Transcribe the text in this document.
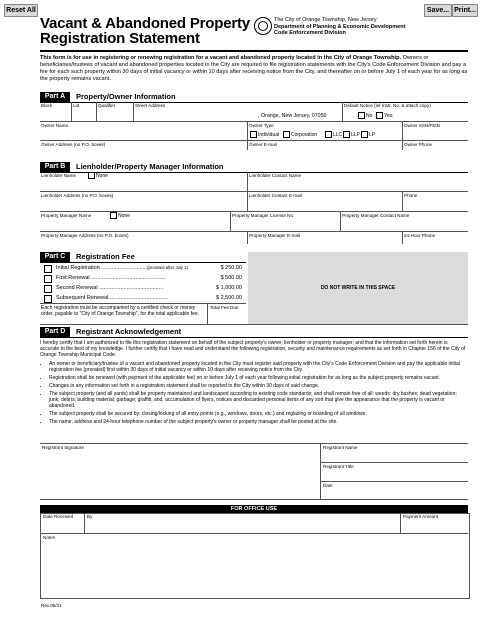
Reset All	Save... Print...
Vacant & Abandoned Property
Registration Statement
The City of Orange Township, New Jersey
Department of Planning & Economic Development
Code Enforcement Division
This form is for use in registering or renewing registration for a vacant and abandoned property located in the City of Orange Township. Owners or beneficiaries/trustees of vacant and abandoned properties located in the City are required to file registration statements with the City's Code Enforcement Division and pay a fee for each such property within 30 days of initial vacancy or within 10 days after receiving notice from the City, and thereafter on or before July 1 of each year for as long as the property remains vacant.
Part A	Property/Owner Information
Block	Lot	Qualifier	Street Address	Default Notice (lef Instr. No. & attach copy)
, Orange, New Jersey, 07050	No	Yes:
Owner Name	Owner Type	Owner SSN/FEIN
Individual	Corporation	LLC	LLP	LP
Owner Address (no P.O. boxes)	Owner E-mail	Owner Phone
Part B	Lienholder/Property Manager Information
Lienholder Name	None	Lienholder Contact Name
Lienholder Address (no P.O. boxes)	Lienholder Contact E-mail	Phone
Property Manager Name	None	Property Manager License No.	Property Manager Contact Name
Property Manager Address (no P.O. boxes)	Property Manager E-mail	24-Hour Phone
Part C	Registration Fee
DO NOT WRITE IN THIS SPACE
Initial Registration ..............................(prorated after July 1)	$ 250.00
First Renewal .................................................	$ 500.00
Second Renewal ..........................................	$ 1,000.00
Subsequent Renewal.......................................	$ 2,500.00
Each registration must be accompanied by a certified check or money order, payable to "City of Orange Township", for the total applicable fee.
Total Fee Due
Part D	Registrant Acknowledgement
I hereby certify that I am authorized to file this registration statement on behalf of the subject property's owner, lienholder or property manager; and that the information set forth herein is accurate to the best of my knowledge. I further certify that I have read and understand the following registration, security and maintenance requirements as set forth in Chapter 156 of the City of Orange Township Municipal Code:
• An owner or beneficiary/trustee of a vacant and abandoned property located in the City must register said property with the City's Code Enforcement Division and pay the applicable initial registration fee (prorated) first within 30 days of initial vacancy or within 10 days after receiving notice from the City.
• Registration shall be renewed (with payment of the applicable fee) on or before July 1 of each year following initial registration for as long as the subject property remains vacant.
• Changes in any information set forth in a registration statement shall be reported to the City within 30 days of said change.
• The subject property (and all yards) shall be property maintained and landscaped according to existing code standards; and shall remain free of all: weeds; dry bushes; dead vegetation; junk; debris; building material; garbage; graffiti; and, accumulation of flyers, notices and discarded personal items of any sort that give the appearance that the property is vacant or abandoned.
• The subject property shall be secured by: closing/locking of all entry points (e.g., windows, doors, etc.) and reglazing or boarding of all windows.
• The name, address and 24-hour telephone number of the subject property's owner or property manager shall be posted at the site.
Registrant Signature	Registrant Name
Registrant Title
Date
FOR OFFICE USE
Date Received	By	Payment Amount
Notes
Rev.05/21
